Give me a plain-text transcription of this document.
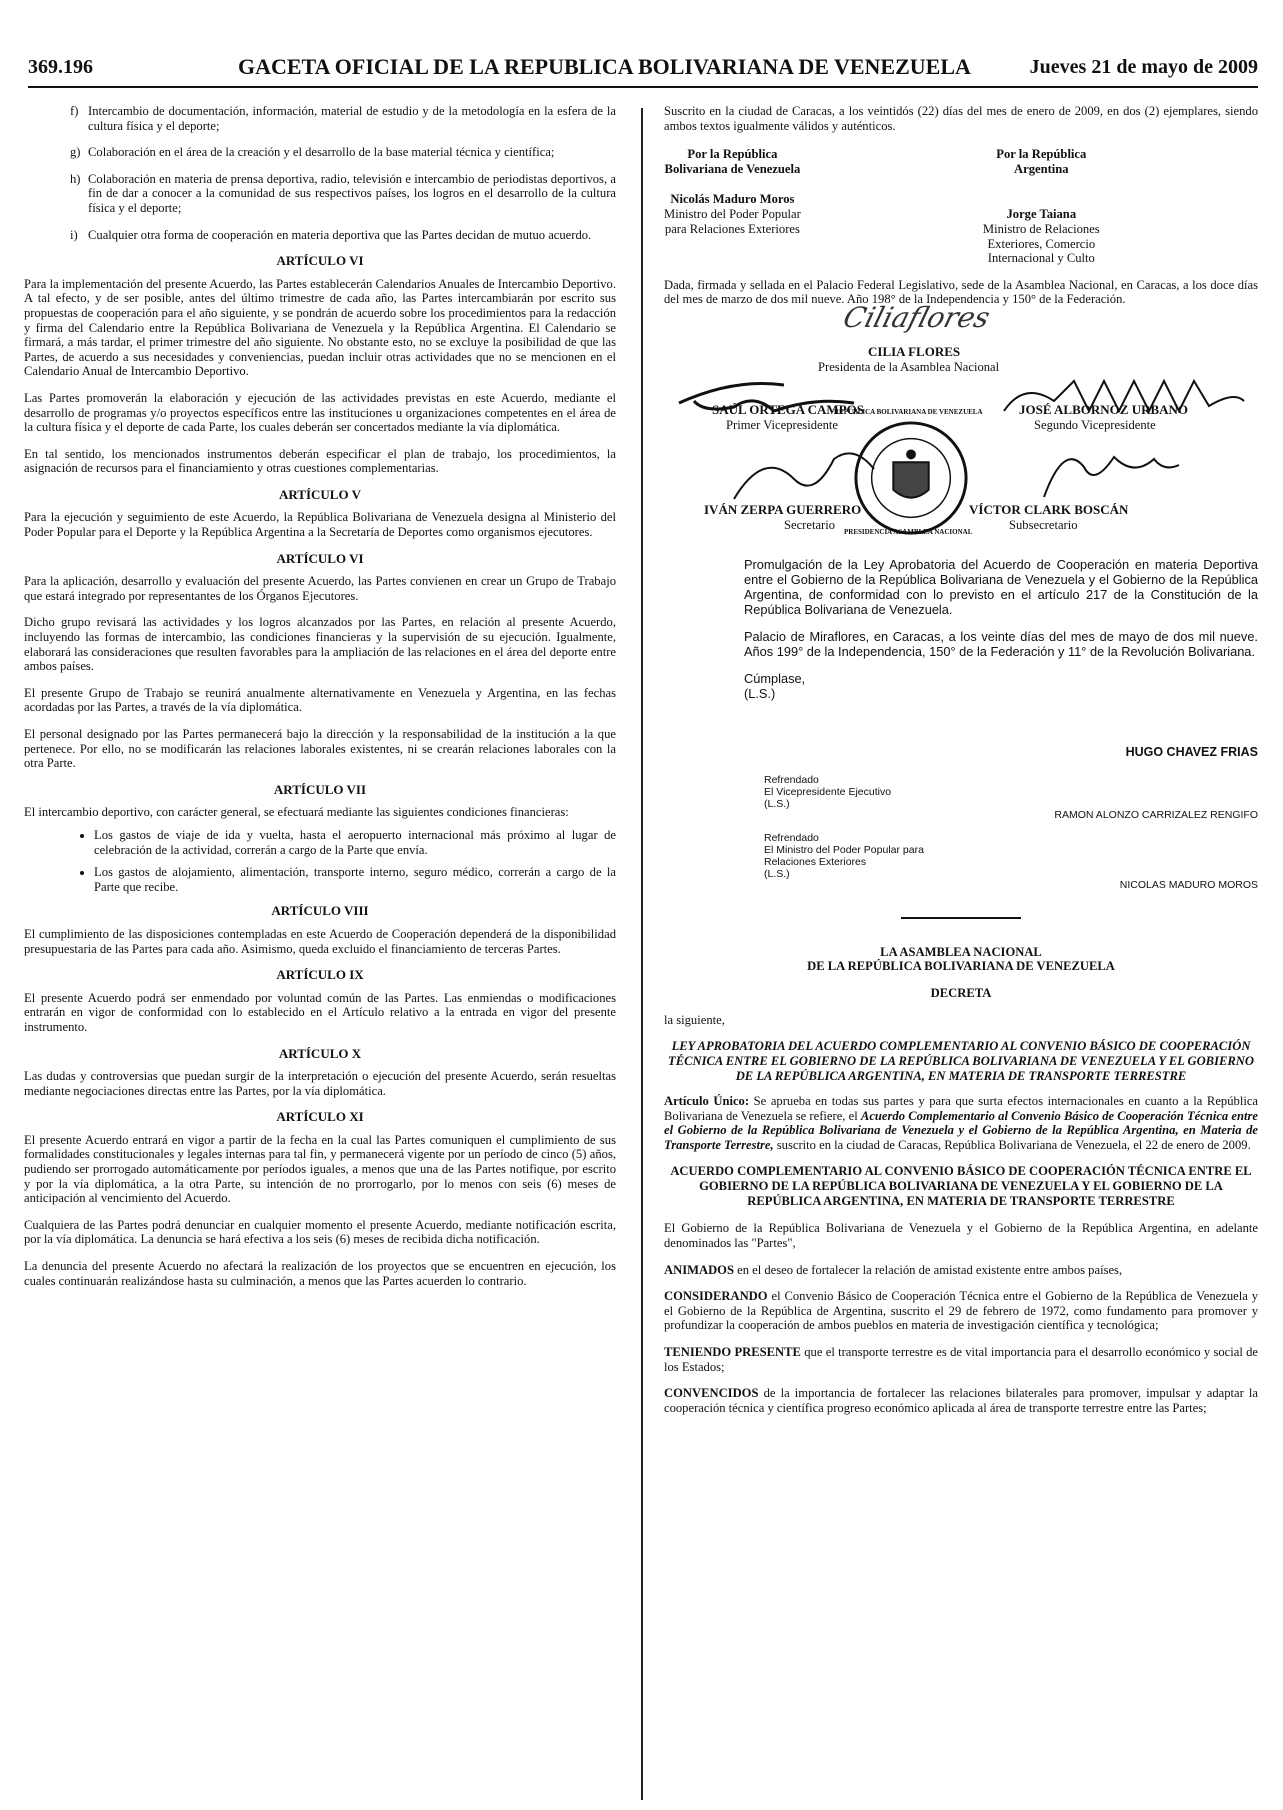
369.196	GACETA OFICIAL DE LA REPUBLICA BOLIVARIANA DE VENEZUELA	Jueves 21 de mayo de 2009
f) Intercambio de documentación, información, material de estudio y de la metodología en la esfera de la cultura física y el deporte;
g) Colaboración en el área de la creación y el desarrollo de la base material técnica y científica;
h) Colaboración en materia de prensa deportiva, radio, televisión e intercambio de periodistas deportivos, a fin de dar a conocer a la comunidad de sus respectivos países, los logros en el desarrollo de la cultura física y el deporte;
i) Cualquier otra forma de cooperación en materia deportiva que las Partes decidan de mutuo acuerdo.
ARTÍCULO VI

Para la implementación del presente Acuerdo, las Partes establecerán Calendarios Anuales de Intercambio Deportivo. A tal efecto, y de ser posible, antes del último trimestre de cada año, las Partes intercambiarán por escrito sus propuestas de cooperación para el año siguiente, y se pondrán de acuerdo sobre los procedimientos para la redacción y firma del Calendario entre la República Bolivariana de Venezuela y la República Argentina. El Calendario se firmará, a más tardar, el primer trimestre del año siguiente. No obstante esto, no se excluye la posibilidad de que las Partes, de acuerdo a sus necesidades y conveniencias, puedan incluir otras actividades que no se mencionen en el Calendario Anual de Intercambio Deportivo.

Las Partes promoverán la elaboración y ejecución de las actividades previstas en este Acuerdo, mediante el desarrollo de programas y/o proyectos específicos entre las instituciones u organizaciones competentes en el área de la cultura física y el deporte de cada Parte, los cuales deberán ser concertados mediante la vía diplomática.

En tal sentido, los mencionados instrumentos deberán especificar el plan de trabajo, los procedimientos, la asignación de recursos para el financiamiento y otras cuestiones complementarias.

ARTÍCULO V

Para la ejecución y seguimiento de este Acuerdo, la República Bolivariana de Venezuela designa al Ministerio del Poder Popular para el Deporte y la República Argentina a la Secretaría de Deportes como organismos ejecutores.

ARTÍCULO VI

Para la aplicación, desarrollo y evaluación del presente Acuerdo, las Partes convienen en crear un Grupo de Trabajo que estará integrado por representantes de los Órganos Ejecutores.

Dicho grupo revisará las actividades y los logros alcanzados por las Partes, en relación al presente Acuerdo, incluyendo las formas de intercambio, las condiciones financieras y la supervisión de su ejecución. Igualmente, elaborará las consideraciones que resulten favorables para la ampliación de las relaciones en el área del deporte entre ambos países.

El presente Grupo de Trabajo se reunirá anualmente alternativamente en Venezuela y Argentina, en las fechas acordadas por las Partes, a través de la vía diplomática.

El personal designado por las Partes permanecerá bajo la dirección y la responsabilidad de la institución a la que pertenece. Por ello, no se modificarán las relaciones laborales existentes, ni se crearán relaciones laborales con la otra Parte.

ARTÍCULO VII

El intercambio deportivo, con carácter general, se efectuará mediante las siguientes condiciones financieras:

• Los gastos de viaje de ida y vuelta, hasta el aeropuerto internacional más próximo al lugar de celebración de la actividad, correrán a cargo de la Parte que envía.
• Los gastos de alojamiento, alimentación, transporte interno, seguro médico, correrán a cargo de la Parte que recibe.
ARTÍCULO VIII

El cumplimiento de las disposiciones contempladas en este Acuerdo de Cooperación dependerá de la disponibilidad presupuestaria de las Partes para cada año. Asimismo, queda excluido el financiamiento de terceras Partes.

ARTÍCULO IX

El presente Acuerdo podrá ser enmendado por voluntad común de las Partes. Las enmiendas o modificaciones entrarán en vigor de conformidad con lo establecido en el Artículo relativo a la entrada en vigor del presente instrumento.

ARTÍCULO X

Las dudas y controversias que puedan surgir de la interpretación o ejecución del presente Acuerdo, serán resueltas mediante negociaciones directas entre las Partes, por la vía diplomática.

ARTÍCULO XI

El presente Acuerdo entrará en vigor a partir de la fecha en la cual las Partes comuniquen el cumplimiento de sus formalidades constitucionales y legales internas para tal fin, y permanecerá vigente por un período de cinco (5) años, pudiendo ser prorrogado automáticamente por períodos iguales, a menos que una de las Partes notifique, por escrito y por la vía diplomática, a la otra Parte, su intención de no prorrogarlo, por lo menos con seis (6) meses de anticipación al vencimiento del Acuerdo.

Cualquiera de las Partes podrá denunciar en cualquier momento el presente Acuerdo, mediante notificación escrita, por la vía diplomática. La denuncia se hará efectiva a los seis (6) meses de recibida dicha notificación.

La denuncia del presente Acuerdo no afectará la realización de los proyectos que se encuentren en ejecución, los cuales continuarán realizándose hasta su culminación, a menos que las Partes acuerden lo contrario.

Suscrito en la ciudad de Caracas, a los veintidós (22) días del mes de enero de 2009, en dos (2) ejemplares, siendo ambos textos igualmente válidos y auténticos.

Por la República Bolivariana de Venezuela
Nicolás Maduro Moros
Ministro del Poder Popular para Relaciones Exteriores
Por la República Argentina
Jorge Taiana
Ministro de Relaciones Exteriores, Comercio Internacional y Culto

Dada, firmada y sellada en el Palacio Federal Legislativo, sede de la Asamblea Nacional, en Caracas, a los doce días del mes de marzo de dos mil nueve. Año 198° de la Independencia y 150° de la Federación.

Ciliaflores
CILIA FLORES
Presidenta de la Asamblea Nacional
SAÚL ORTEGA CAMPOS
Primer Vicepresidente
JOSÉ ALBORNOZ URBANO
Segundo Vicepresidente
REPÚBLICA BOLIVARIANA DE VENEZUELA
PRESIDENCIA ASAMBLEA NACIONAL
IVÁN ZERPA GUERRERO
Secretario
VÍCTOR CLARK BOSCÁN
Subsecretario

Promulgación de la Ley Aprobatoria del Acuerdo de Cooperación en materia Deportiva entre el Gobierno de la República Bolivariana de Venezuela y el Gobierno de la República Argentina, de conformidad con lo previsto en el artículo 217 de la Constitución de la República Bolivariana de Venezuela.

Palacio de Miraflores, en Caracas, a los veinte días del mes de mayo de dos mil nueve. Años 199° de la Independencia, 150° de la Federación y 11° de la Revolución Bolivariana.

Cúmplase,
(L.S.)
HUGO CHAVEZ FRIAS
Refrendado
El Vicepresidente Ejecutivo
(L.S.)
RAMON ALONZO CARRIZALEZ RENGIFO
Refrendado
El Ministro del Poder Popular para
Relaciones Exteriores
(L.S.)
NICOLAS MADURO MOROS
LA ASAMBLEA NACIONAL
DE LA REPÚBLICA BOLIVARIANA DE VENEZUELA
DECRETA

la siguiente,

LEY APROBATORIA DEL ACUERDO COMPLEMENTARIO AL CONVENIO BÁSICO DE COOPERACIÓN TÉCNICA ENTRE EL GOBIERNO DE LA REPÚBLICA BOLIVARIANA DE VENEZUELA Y EL GOBIERNO DE LA REPÚBLICA ARGENTINA, EN MATERIA DE TRANSPORTE TERRESTRE

Artículo Único: Se aprueba en todas sus partes y para que surta efectos internacionales en cuanto a la República Bolivariana de Venezuela se refiere, el Acuerdo Complementario al Convenio Básico de Cooperación Técnica entre el Gobierno de la República Bolivariana de Venezuela y el Gobierno de la República Argentina, en Materia de Transporte Terrestre, suscrito en la ciudad de Caracas, República Bolivariana de Venezuela, el 22 de enero de 2009.

ACUERDO COMPLEMENTARIO AL CONVENIO BÁSICO DE COOPERACIÓN TÉCNICA ENTRE EL GOBIERNO DE LA REPÚBLICA BOLIVARIANA DE VENEZUELA Y EL GOBIERNO DE LA REPÚBLICA ARGENTINA, EN MATERIA DE TRANSPORTE TERRESTRE

El Gobierno de la República Bolivariana de Venezuela y el Gobierno de la República Argentina, en adelante denominados las "Partes",

ANIMADOS en el deseo de fortalecer la relación de amistad existente entre ambos países,

CONSIDERANDO el Convenio Básico de Cooperación Técnica entre el Gobierno de la República de Venezuela y el Gobierno de la República de Argentina, suscrito el 29 de febrero de 1972, como fundamento para promover y profundizar la cooperación de ambos pueblos en materia de investigación científica y tecnológica;

TENIENDO PRESENTE que el transporte terrestre es de vital importancia para el desarrollo económico y social de los Estados;

CONVENCIDOS de la importancia de fortalecer las relaciones bilaterales para promover, impulsar y adaptar la cooperación técnica y científica progreso económico aplicada al área de transporte terrestre entre las Partes;
